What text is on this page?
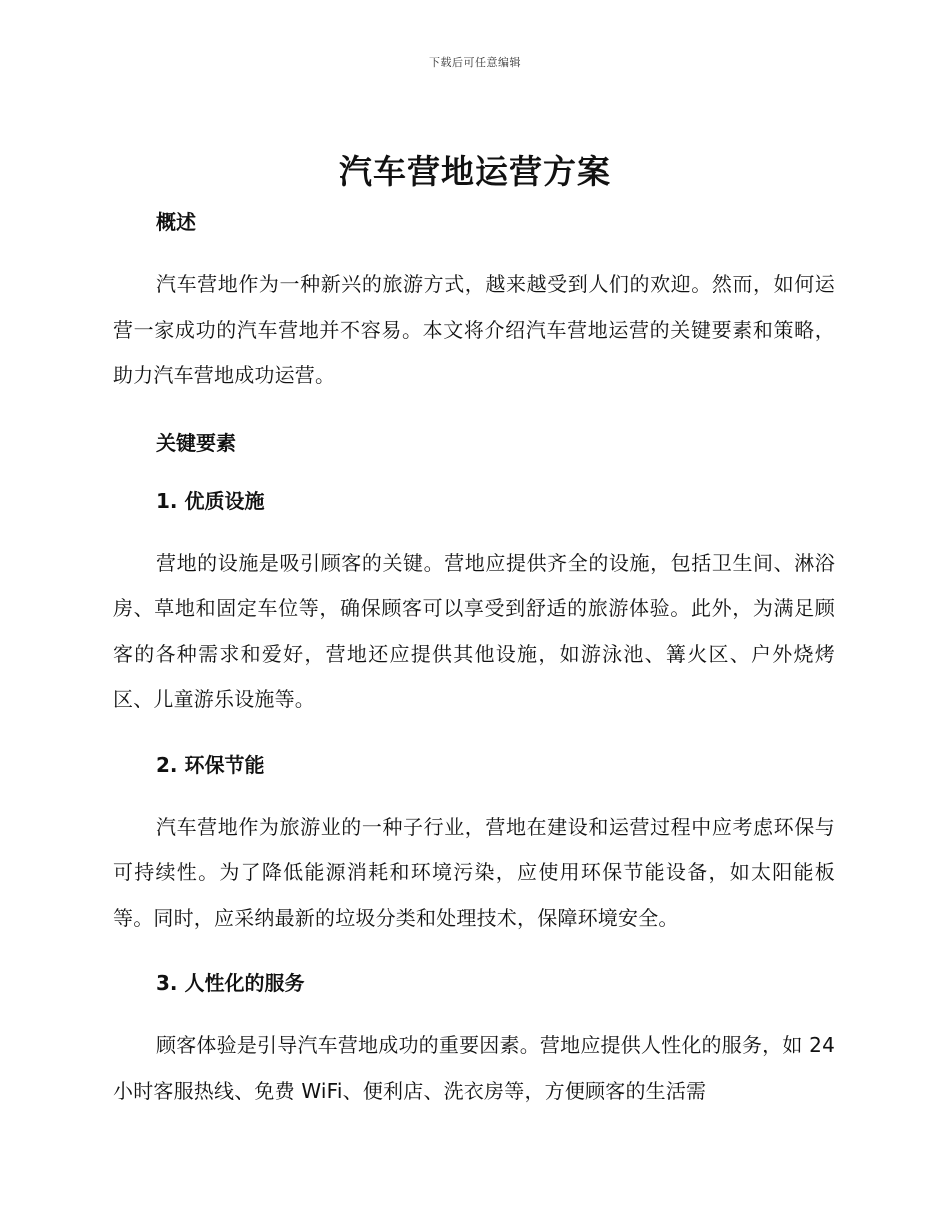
下载后可任意编辑
汽车营地运营方案
概述

汽车营地作为一种新兴的旅游方式，越来越受到人们的欢迎。然而，如何运营一家成功的汽车营地并不容易。本文将介绍汽车营地运营的关键要素和策略，助力汽车营地成功运营。

关键要素
1. 优质设施

营地的设施是吸引顾客的关键。营地应提供齐全的设施，包括卫生间、淋浴房、草地和固定车位等，确保顾客可以享受到舒适的旅游体验。此外，为满足顾客的各种需求和爱好，营地还应提供其他设施，如游泳池、篝火区、户外烧烤区、儿童游乐设施等。

2. 环保节能

汽车营地作为旅游业的一种子行业，营地在建设和运营过程中应考虑环保与可持续性。为了降低能源消耗和环境污染，应使用环保节能设备，如太阳能板等。同时，应采纳最新的垃圾分类和处理技术，保障环境安全。

3. 人性化的服务

顾客体验是引导汽车营地成功的重要因素。营地应提供人性化的服务，如 24 小时客服热线、免费 WiFi、便利店、洗衣房等，方便顾客的生活需
